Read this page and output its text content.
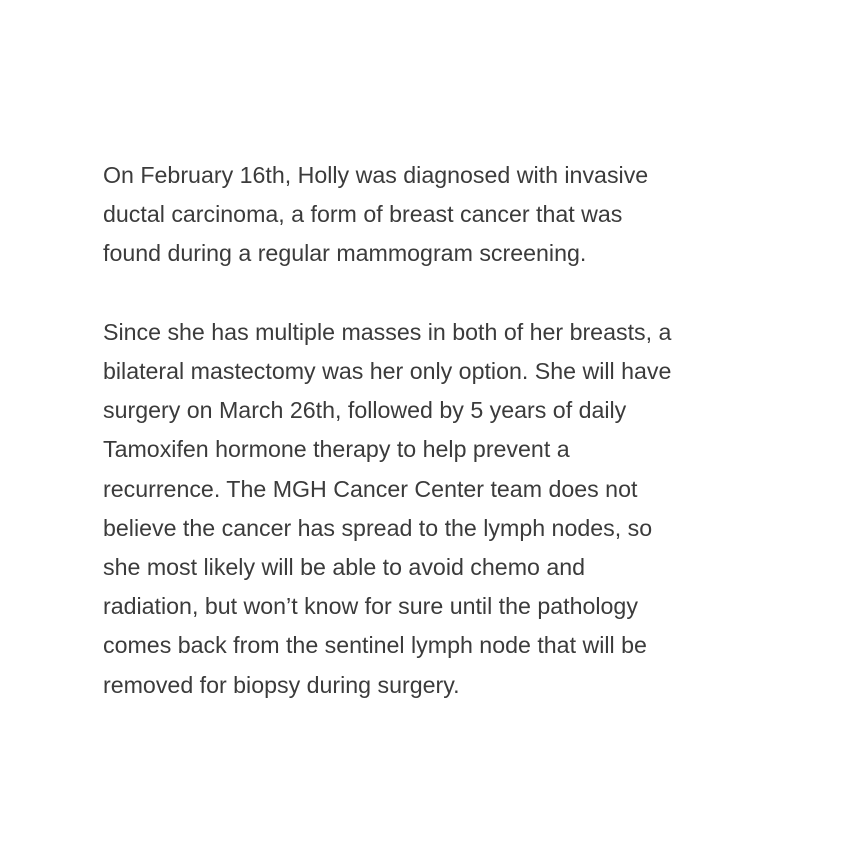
On February 16th, Holly was diagnosed with invasive
ductal carcinoma, a form of breast cancer that was
found during a regular mammogram screening.

Since she has multiple masses in both of her breasts, a
bilateral mastectomy was her only option. She will have
surgery on March 26th, followed by 5 years of daily
Tamoxifen hormone therapy to help prevent a
recurrence. The MGH Cancer Center team does not
believe the cancer has spread to the lymph nodes, so
she most likely will be able to avoid chemo and
radiation, but won’t know for sure until the pathology
comes back from the sentinel lymph node that will be
removed for biopsy during surgery.
